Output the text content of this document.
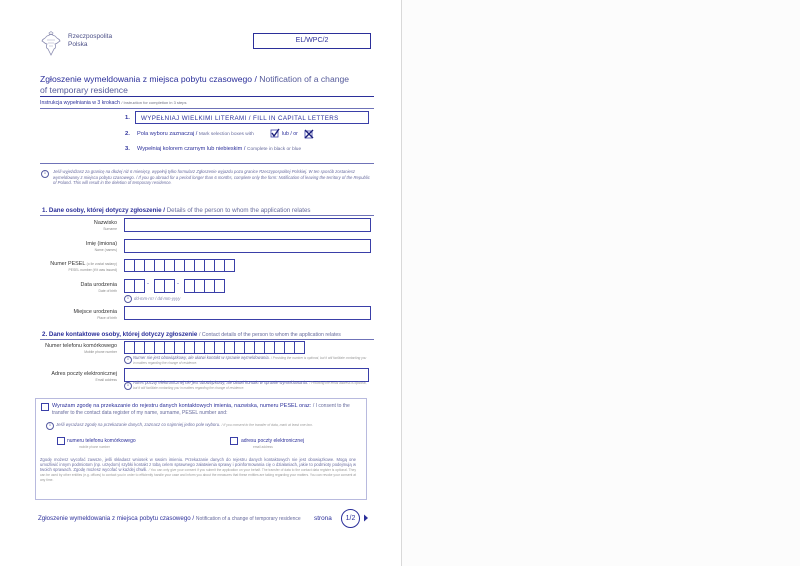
Rzeczpospolita
Polska
EL/WPC/2
Zgłoszenie wymeldowania z miejsca pobytu czasowego / Notification of a change
of temporary residence
Instrukcja wypełniania w 3 krokach / Instruction for completion in 3 steps
1.	WYPEŁNIAJ WIELKIMI LITERAMI / FILL IN CAPITAL LETTERS
2. Pola wyboru zaznaczaj / Mark selection boxes with	lub / or
3. Wypełniaj kolorem czarnym lub niebieskim / Complete in black or blue
i	Jeśli wyjeżdżasz za granicę na dłużej niż 6 miesięcy, wypełnij tylko formularz Zgłoszenie wyjazdu poza granice Rzeczypospolitej Polskiej. W ten sposób zostaniesz wymeldowany z miejsca pobytu czasowego. / If you go abroad for a period longer than 6 months, complete only the form: Notification of leaving the territory of the Republic of Poland. This will result in the deletion of temporary residence.
1. Dane osoby, której dotyczy zgłoszenie / Details of the person to whom the application relates
Nazwisko
Surname
Imię (imiona)
Name (names)
Numer PESEL (o ile został nadany)
PESEL number (if it was issued)
Data urodzenia
Date of birth
-	-
i	dd-mm-rrrr / dd-mm-yyyy
Miejsce urodzenia
Place of birth
2. Dane kontaktowe osoby, której dotyczy zgłoszenie / Contact details of the person to whom the application relates
Numer telefonu komórkowego
Mobile phone number
i	Numer nie jest obowiązkowy, ale ułatwi kontakt w sprawie wymeldowania. / Providing the number is optional, but it will facilitate contacting you in matters regarding the change of residence.
Adres poczty elektronicznej
Email address
i
Adres poczty elektronicznej nie jest obowiązkowy, ale ułatwi kontakt w sprawie wymeldowania. / Providing the email address is optional, but it will facilitate contacting you in matters regarding the change of residence.
Wyrażam zgodę na przekazanie do rejestru danych kontaktowych imienia, nazwiska, numeru PESEL oraz: / I consent to the transfer to the contact data register of my name, surname, PESEL number and:
i	Jeśli wyrażasz zgodę na przekazanie danych, zaznacz co najmniej jedno pole wyboru. / If you consent to the transfer of data, mark at least one box.
numeru telefonu komórkowego
mobile phone number
adresu poczty elektronicznej
email address
Zgodę możesz wycofać zawsze, jeśli składasz wniosek w swoim imieniu. Przekazanie danych do rejestru danych kontaktowych nie jest obowiązkowe. Mogą one umożliwić innym podmiotom (np. urzędom) szybki kontakt z tobą celem sprawnego załatwienia sprawy i poinformowania cię o działaniach, jakie to podmioty podejmują w twoich sprawach. Zgodę możesz wycofać w każdej chwili. / You can only give your consent if you submit the application on your behalf. The transfer of data to the contact data register is optional. They can be used by other entities (e.g. offices) to contact you in order to efficiently handle your case and inform you about the measures that these entities are taking regarding your matters. You can revoke your consent at any time.
Zgłoszenie wymeldowania z miejsca pobytu czasowego / Notification of a change of temporary residence	strona	1/2
